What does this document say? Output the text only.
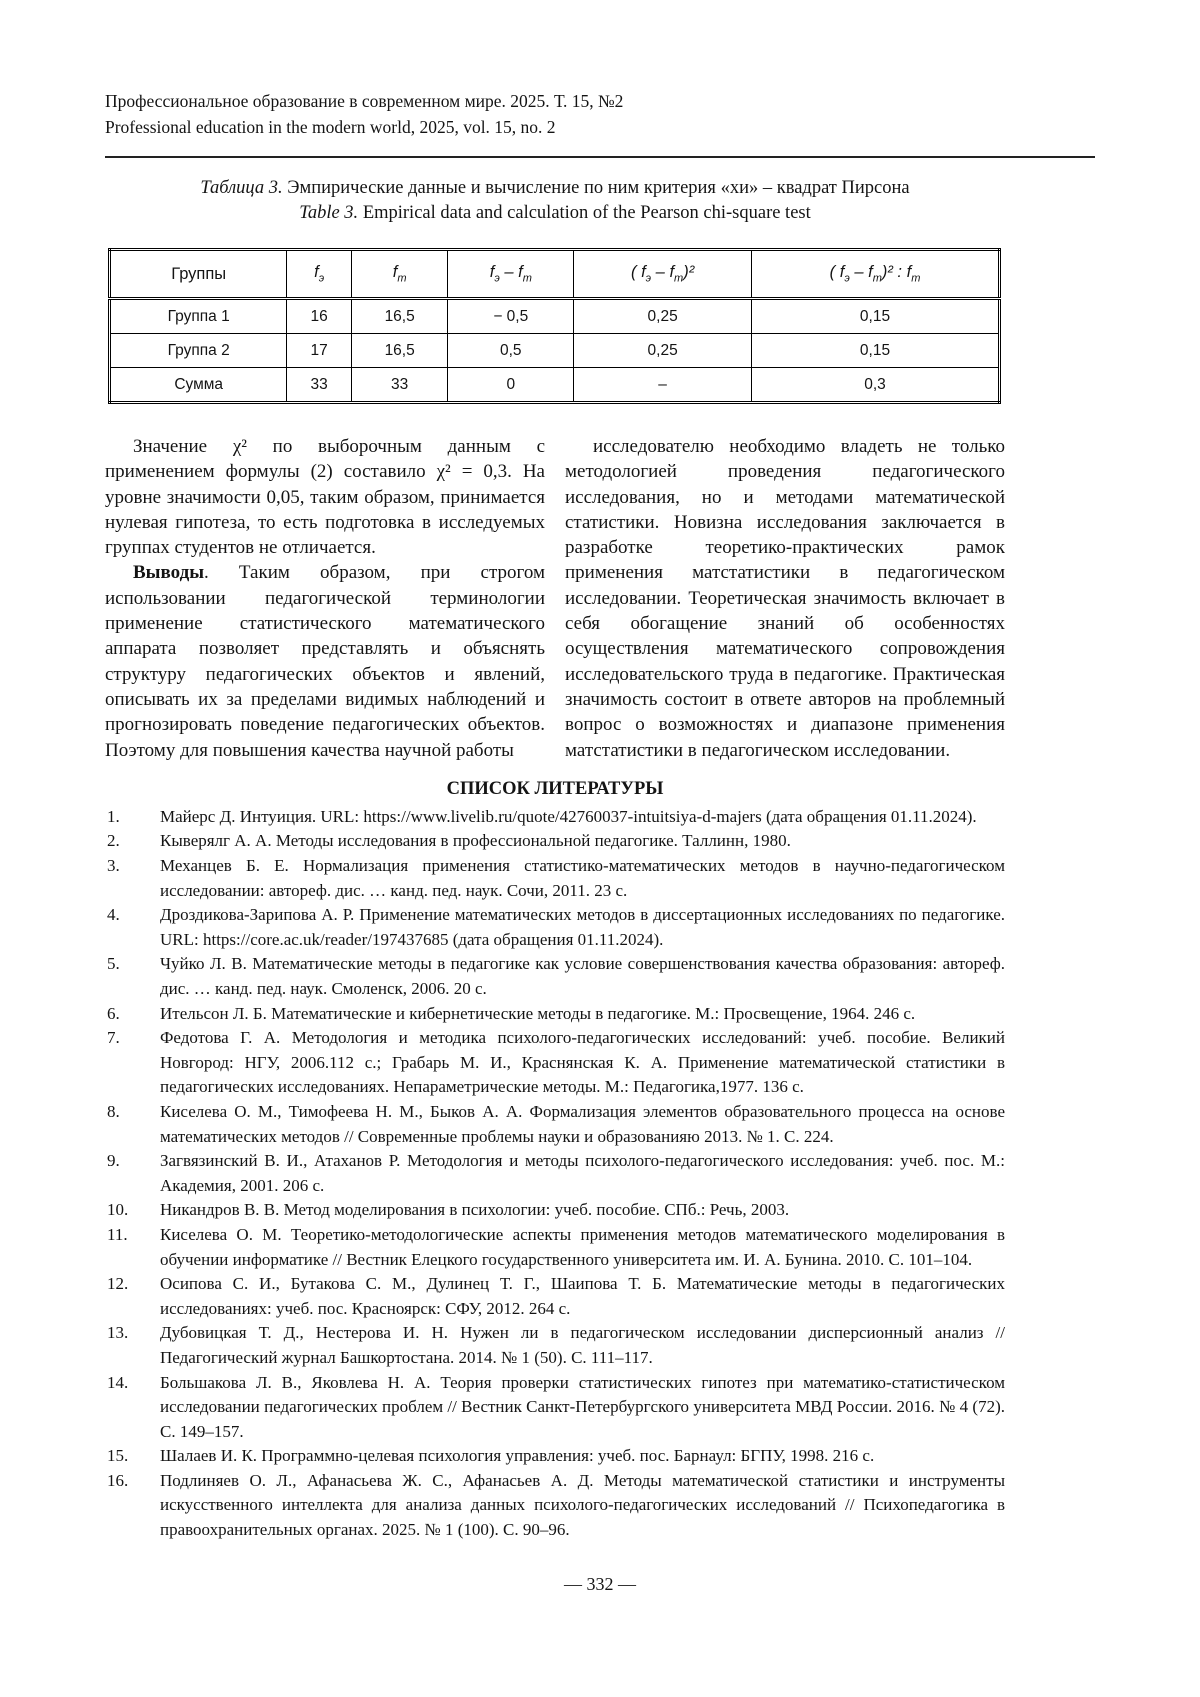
Профессиональное образование в современном мире. 2025. Т. 15, №2
Professional education in the modern world, 2025, vol. 15, no. 2
Таблица 3. Эмпирические данные и вычисление по ним критерия «хи» – квадрат Пирсона
Table 3. Empirical data and calculation of the Pearson chi-square test
Группы	$f_э$	$f_m$	$f_э - f_m$	( $f_э - f_m)^2$	( $f_э - f_m)^2$ : $f_m$
Группа 1	16	16,5	− 0,5	0,25	0,15
Группа 2	17	16,5	0,5	0,25	0,15
Сумма	33	33	0	–	0,3

Значение χ² по выборочным данным с применением формулы (2) составило χ² = 0,3. На уровне значимости 0,05, таким образом, принимается нулевая гипотеза, то есть подготовка в исследуемых группах студентов не отличается.

Выводы. Таким образом, при строгом использовании педагогической терминологии применение статистического математического аппарата позволяет представлять и объяснять структуру педагогических объектов и явлений, описывать их за пределами видимых наблюдений и прогнозировать поведение педагогических объектов. Поэтому для повышения качества научной работы

исследователю необходимо владеть не только методологией проведения педагогического исследования, но и методами математической статистики. Новизна исследования заключается в разработке теоретико-практических рамок применения матстатистики в педагогическом исследовании. Теоретическая значимость включает в себя обогащение знаний об особенностях осуществления математического сопровождения исследовательского труда в педагогике. Практическая значимость состоит в ответе авторов на проблемный вопрос о возможностях и диапазоне применения матстатистики в педагогическом исследовании.

СПИСОК ЛИТЕРАТУРЫ
1.	Майерс Д. Интуиция. URL: https://www.livelib.ru/quote/42760037-intuitsiya-d-majers (дата обращения 01.11.2024).
2.	Кыверялг А. А. Методы исследования в профессиональной педагогике. Таллинн, 1980.
3.	Механцев Б. Е. Нормализация применения статистико-математических методов в научно-педагогическом исследовании: автореф. дис. … канд. пед. наук. Сочи, 2011. 23 с.
4.	Дроздикова-Зарипова А. Р. Применение математических методов в диссертационных исследованиях по педагогике. URL: https://core.ac.uk/reader/197437685 (дата обращения 01.11.2024).
5.	Чуйко Л. В. Математические методы в педагогике как условие совершенствования качества образования: автореф. дис. … канд. пед. наук. Смоленск, 2006. 20 с.
6.	Ительсон Л. Б. Математические и кибернетические методы в педагогике. М.: Просвещение, 1964. 246 с.
7.	Федотова Г. А. Методология и методика психолого-педагогических исследований: учеб. пособие. Великий Новгород: НГУ, 2006.112 с.; Грабарь М. И., Краснянская К. А. Применение математической статистики в педагогических исследованиях. Непараметрические методы. М.: Педагогика,1977. 136 с.
8.	Киселева О. М., Тимофеева Н. М., Быков А. А. Формализация элементов образовательного процесса на основе математических методов // Современные проблемы науки и образованияю 2013. № 1. С. 224.
9.	Загвязинский В. И., Атаханов Р. Методология и методы психолого-педагогического исследования: учеб. пос. М.: Академия, 2001. 206 с.
10.	Никандров В. В. Метод моделирования в психологии: учеб. пособие. СПб.: Речь, 2003.
11.	Киселева О. М. Теоретико-методологические аспекты применения методов математического моделирования в обучении информатике // Вестник Елецкого государственного университета им. И. А. Бунина. 2010. С. 101–104.
12.	Осипова С. И., Бутакова С. М., Дулинец Т. Г., Шаипова Т. Б. Математические методы в педагогических исследованиях: учеб. пос. Красноярск: СФУ, 2012. 264 с.
13.	Дубовицкая Т. Д., Нестерова И. Н. Нужен ли в педагогическом исследовании дисперсионный анализ // Педагогический журнал Башкортостана. 2014. № 1 (50). С. 111–117.
14.	Большакова Л. В., Яковлева Н. А. Теория проверки статистических гипотез при математико-статистическом исследовании педагогических проблем // Вестник Санкт-Петербургского университета МВД России. 2016. № 4 (72). С. 149–157.
15.	Шалаев И. К. Программно-целевая психология управления: учеб. пос. Барнаул: БГПУ, 1998. 216 с.
16.	Подлиняев О. Л., Афанасьева Ж. С., Афанасьев А. Д. Методы математической статистики и инструменты искусственного интеллекта для анализа данных психолого-педагогических исследований // Психопедагогика в правоохранительных органах. 2025. № 1 (100). С. 90–96.
— 332 —
